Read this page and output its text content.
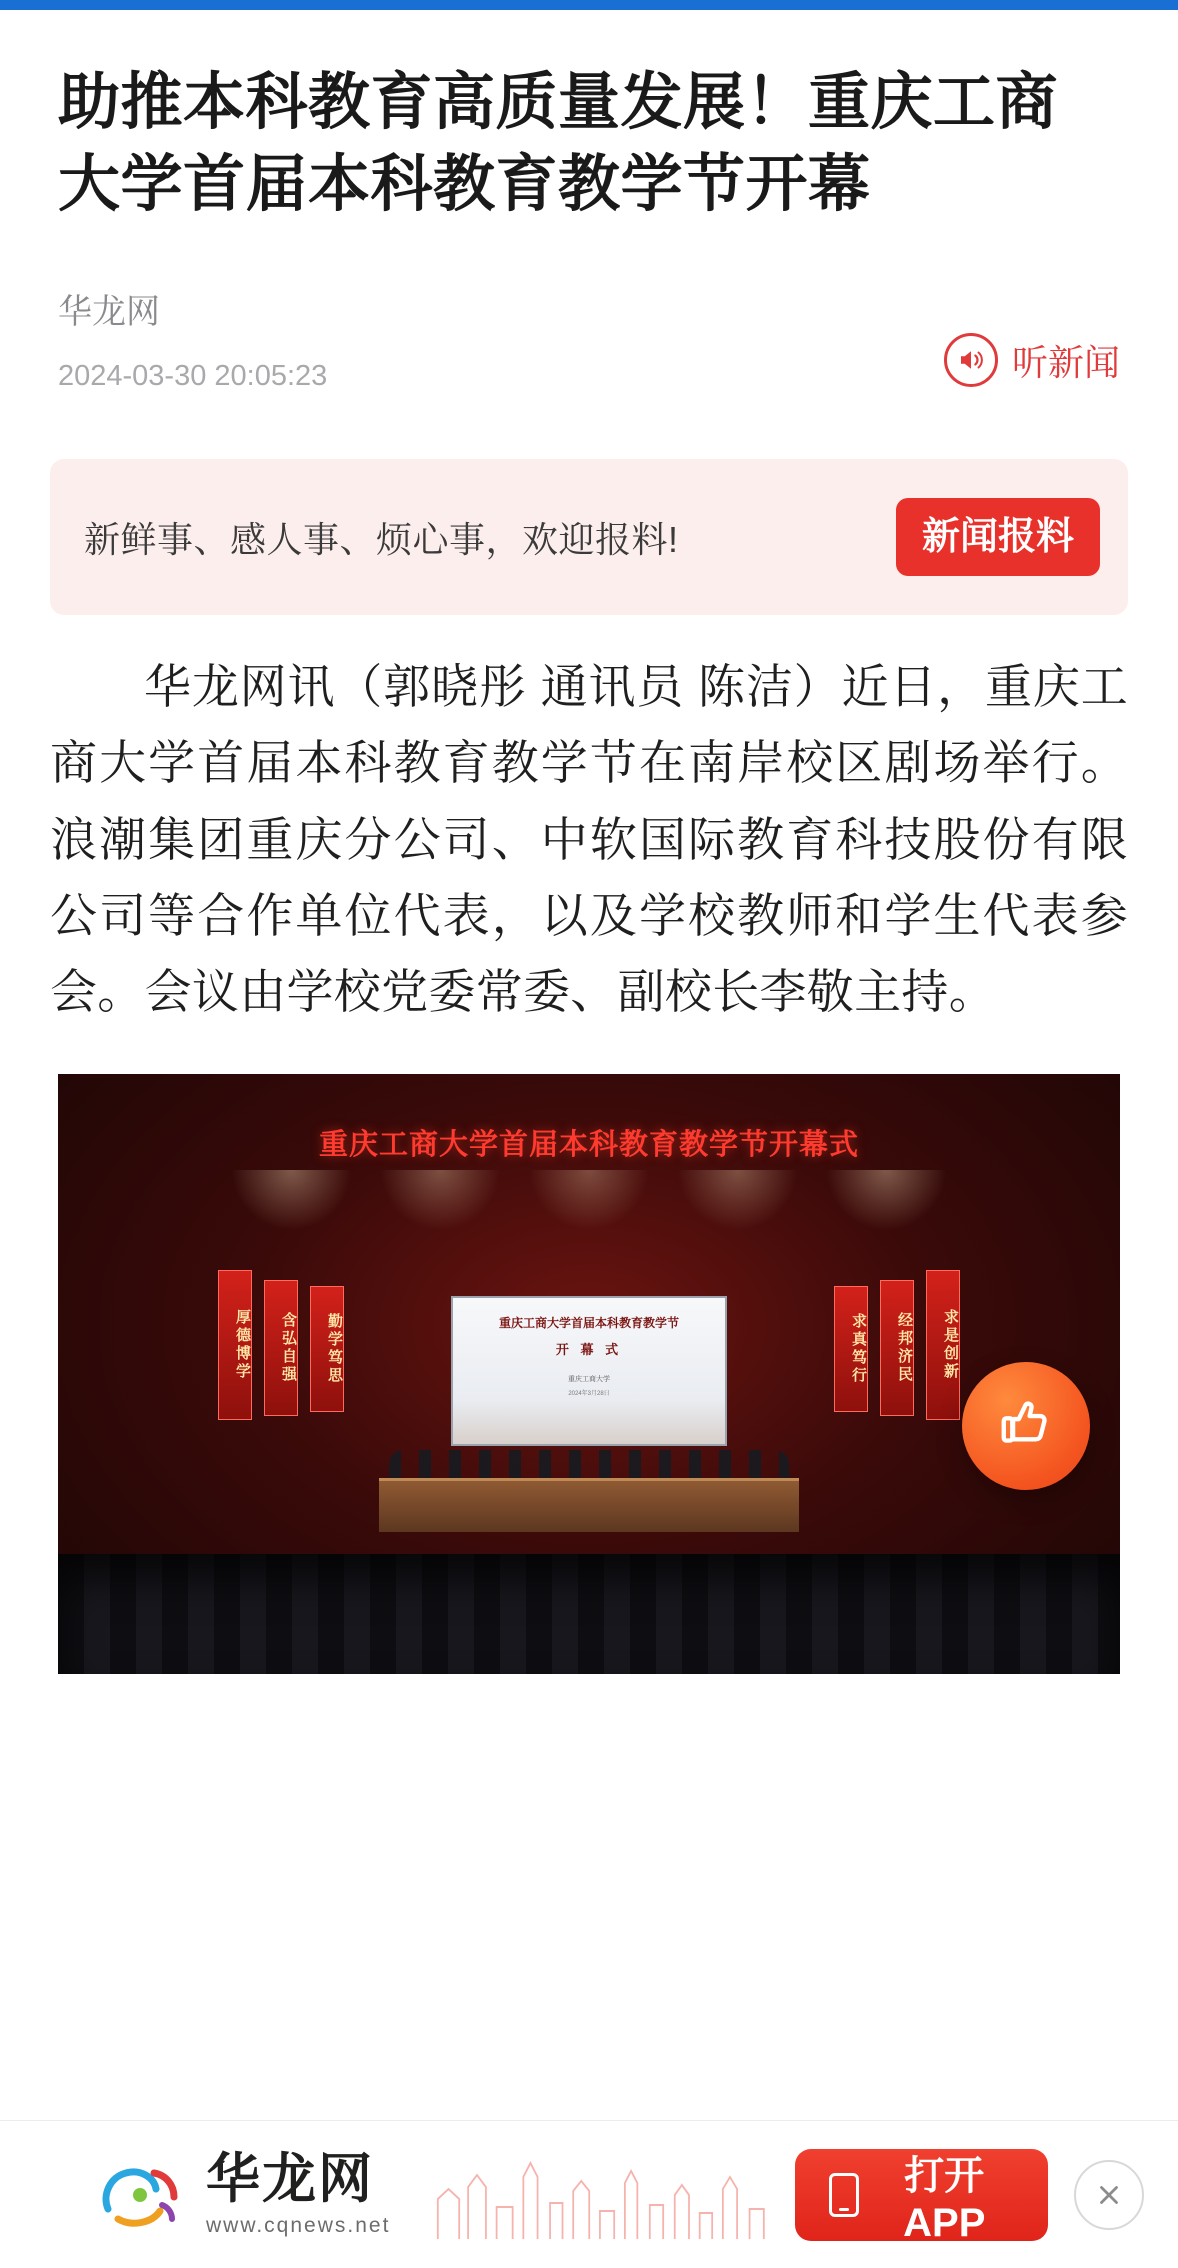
助推本科教育高质量发展！重庆工商大学首届本科教育教学节开幕
华龙网
2024-03-30 20:05:23	听新闻
新鲜事、感人事、烦心事，欢迎报料!	新闻报料

华龙网讯（郭晓彤 通讯员 陈洁）近日，重庆工商大学首届本科教育教学节在南岸校区剧场举行。浪潮集团重庆分公司、中软国际教育科技股份有限公司等合作单位代表，以及学校教师和学生代表参会。会议由学校党委常委、副校长李敬主持。

重庆工商大学首届本科教育教学节开幕式
厚德博学	含弘自强	勤学笃思	求真笃行	经邦济民	求是创新
重庆工商大学首届本科教育教学节
开 幕 式
重庆工商大学
2024年3月28日
华龙网
www.cqnews.net
打开APP
